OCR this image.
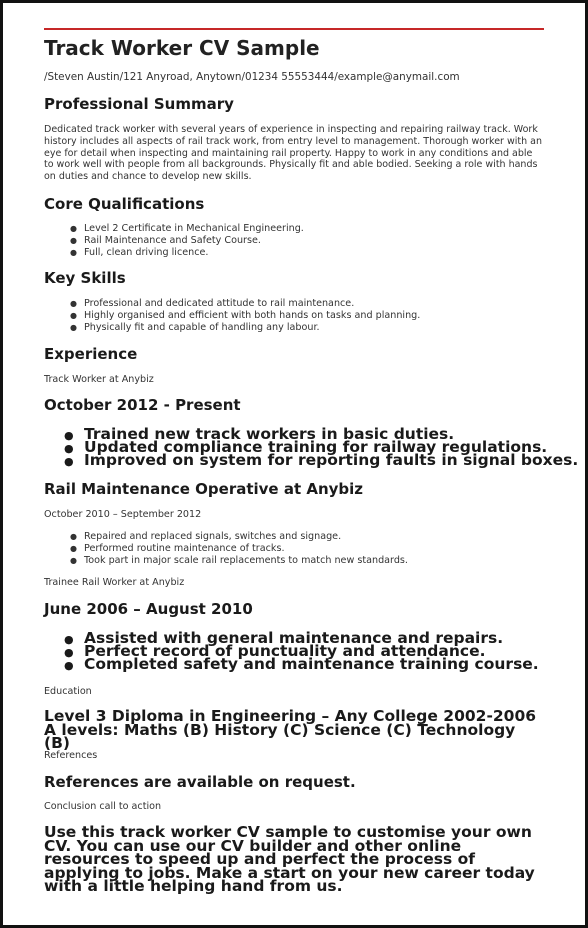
Track Worker CV Sample
/Steven Austin/121 Anyroad, Anytown/01234 55553444/example@anymail.com
Professional Summary
Dedicated track worker with several years of experience in inspecting and repairing railway track. Work history includes all aspects of rail track work, from entry level to management. Thorough worker with an eye for detail when inspecting and maintaining rail property. Happy to work in any conditions and able to work well with people from all backgrounds. Physically fit and able bodied. Seeking a role with hands on duties and chance to develop new skills.
Core Qualifications
● Level 2 Certificate in Mechanical Engineering.
● Rail Maintenance and Safety Course.
● Full, clean driving licence.
Key Skills
● Professional and dedicated attitude to rail maintenance.
● Highly organised and efficient with both hands on tasks and planning.
● Physically fit and capable of handling any labour.
Experience
Track Worker at Anybiz
October 2012 - Present
● Trained new track workers in basic duties.
● Updated compliance training for railway regulations.
● Improved on system for reporting faults in signal boxes.
Rail Maintenance Operative at Anybiz
October 2010 – September 2012
● Repaired and replaced signals, switches and signage.
● Performed routine maintenance of tracks.
● Took part in major scale rail replacements to match new standards.
Trainee Rail Worker at Anybiz
June 2006 – August 2010
● Assisted with general maintenance and repairs.
● Perfect record of punctuality and attendance.
● Completed safety and maintenance training course.
Education
Level 3 Diploma in Engineering – Any College 2002-2006 A levels: Maths (B) History (C) Science (C) Technology (B)
References
References are available on request.
Conclusion call to action
Use this track worker CV sample to customise your own CV. You can use our CV builder and other online resources to speed up and perfect the process of applying to jobs. Make a start on your new career today with a little helping hand from us.
